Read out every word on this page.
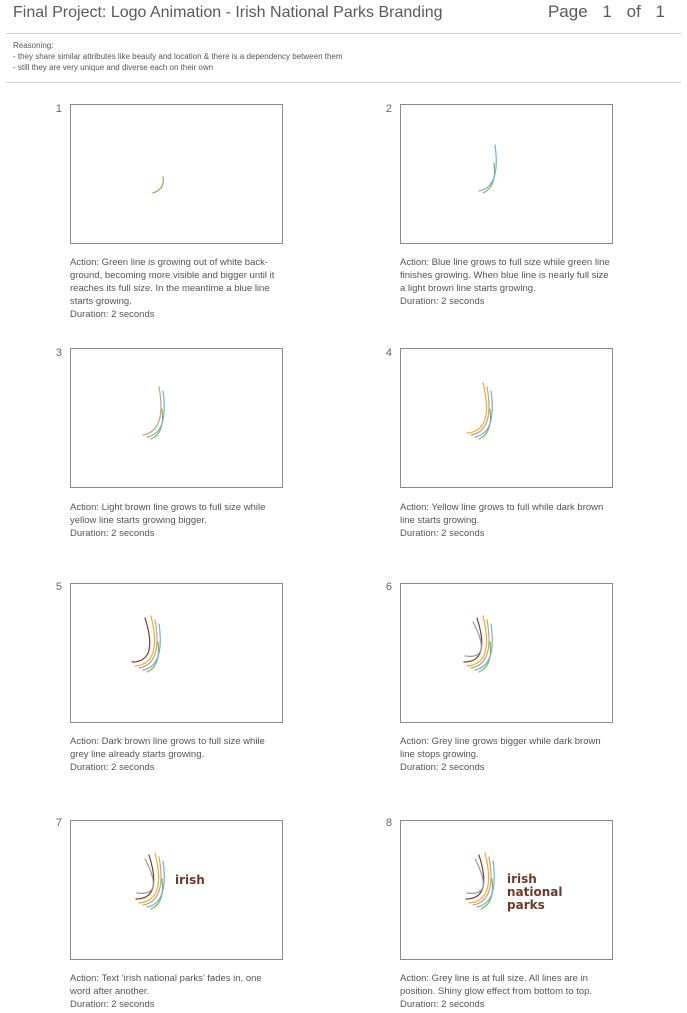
Final Project: Logo Animation - Irish National Parks Branding	Page 1 of 1
Reasoning:
- they share similar attributes like beauty and location & there is a dependency between them
- still they are very unique and diverse each on their own
1
Action: Green line is growing out of white back-
ground, becoming more visible and bigger until it
reaches its full size. In the meantime a blue line
starts growing.
Duration: 2 seconds
2
Action: Blue line grows to full size while green line
finishes growing. When blue line is nearly full size
a light brown line starts growing.
Duration: 2 seconds
3
Action: Light brown line grows to full size while
yellow line starts growing bigger.
Duration: 2 seconds
4
Action: Yellow line grows to full while dark brown
line starts growing.
Duration: 2 seconds
5
Action: Dark brown line grows to full size while
grey line already starts growing.
Duration: 2 seconds
6
Action: Grey line grows bigger while dark brown
line stops growing.
Duration: 2 seconds
7
irish
Action: Text ‘irish national parks’ fades in, one
word after another.
Duration: 2 seconds
8
irish
national
parks
Action: Grey line is at full size. All lines are in
position. Shiny glow effect from bottom to top.
Duration: 2 seconds
